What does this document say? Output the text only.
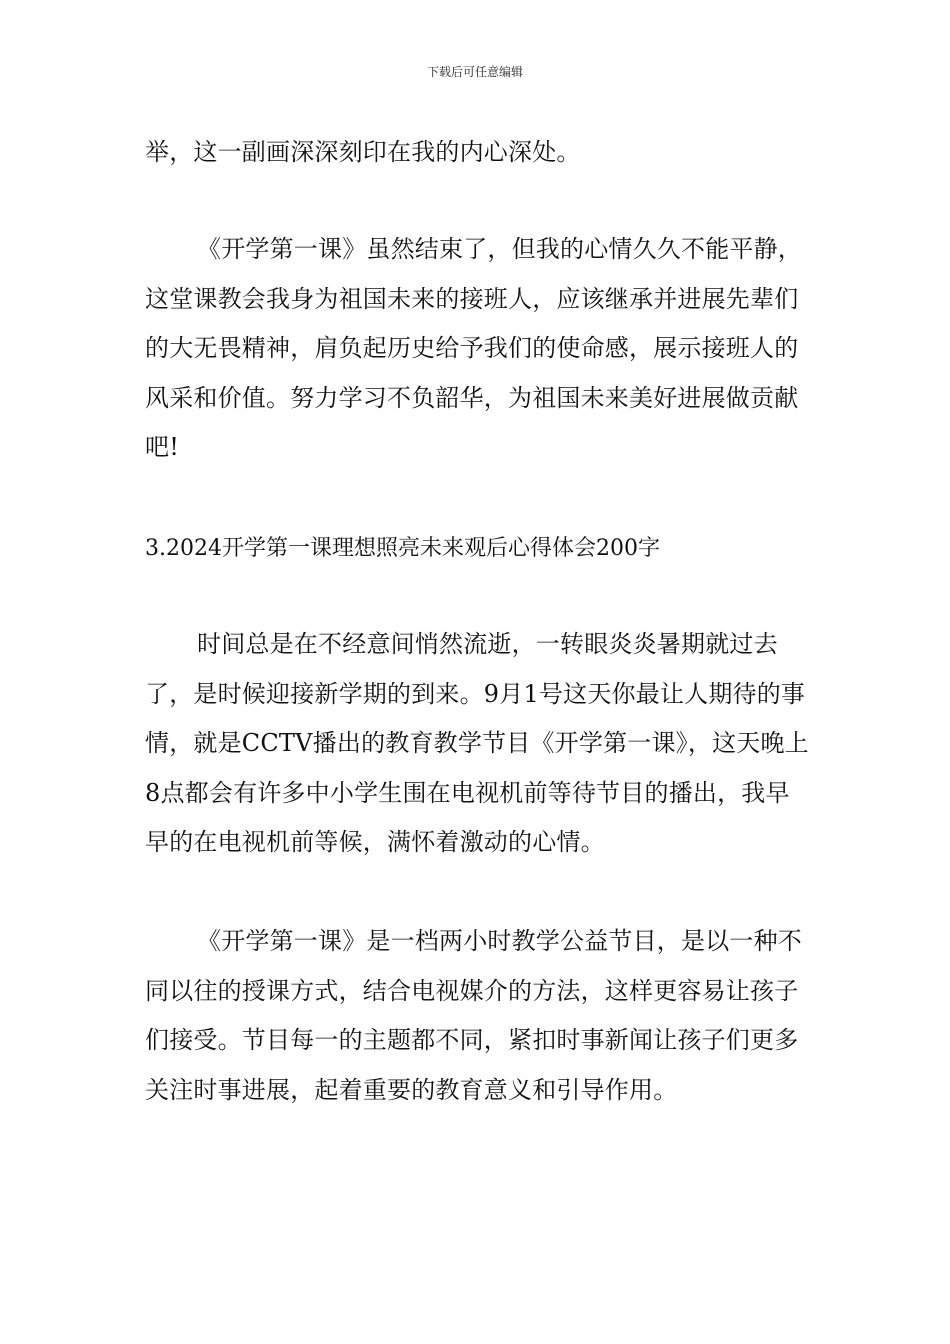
下载后可任意编辑

举，这一副画深深刻印在我的内心深处。

《开学第一课》虽然结束了，但我的心情久久不能平静，这堂课教会我身为祖国未来的接班人，应该继承并进展先辈们的大无畏精神，肩负起历史给予我们的使命感，展示接班人的风采和价值。努力学习不负韶华，为祖国未来美好进展做贡献吧!

3.2024开学第一课理想照亮未来观后心得体会200字

时间总是在不经意间悄然流逝，一转眼炎炎暑期就过去了，是时候迎接新学期的到来。9月1号这天你最让人期待的事情，就是CCTV播出的教育教学节目《开学第一课》，这天晚上8点都会有许多中小学生围在电视机前等待节目的播出，我早早的在电视机前等候，满怀着激动的心情。

《开学第一课》是一档两小时教学公益节目，是以一种不同以往的授课方式，结合电视媒介的方法，这样更容易让孩子们接受。节目每一的主题都不同，紧扣时事新闻让孩子们更多关注时事进展，起着重要的教育意义和引导作用。
